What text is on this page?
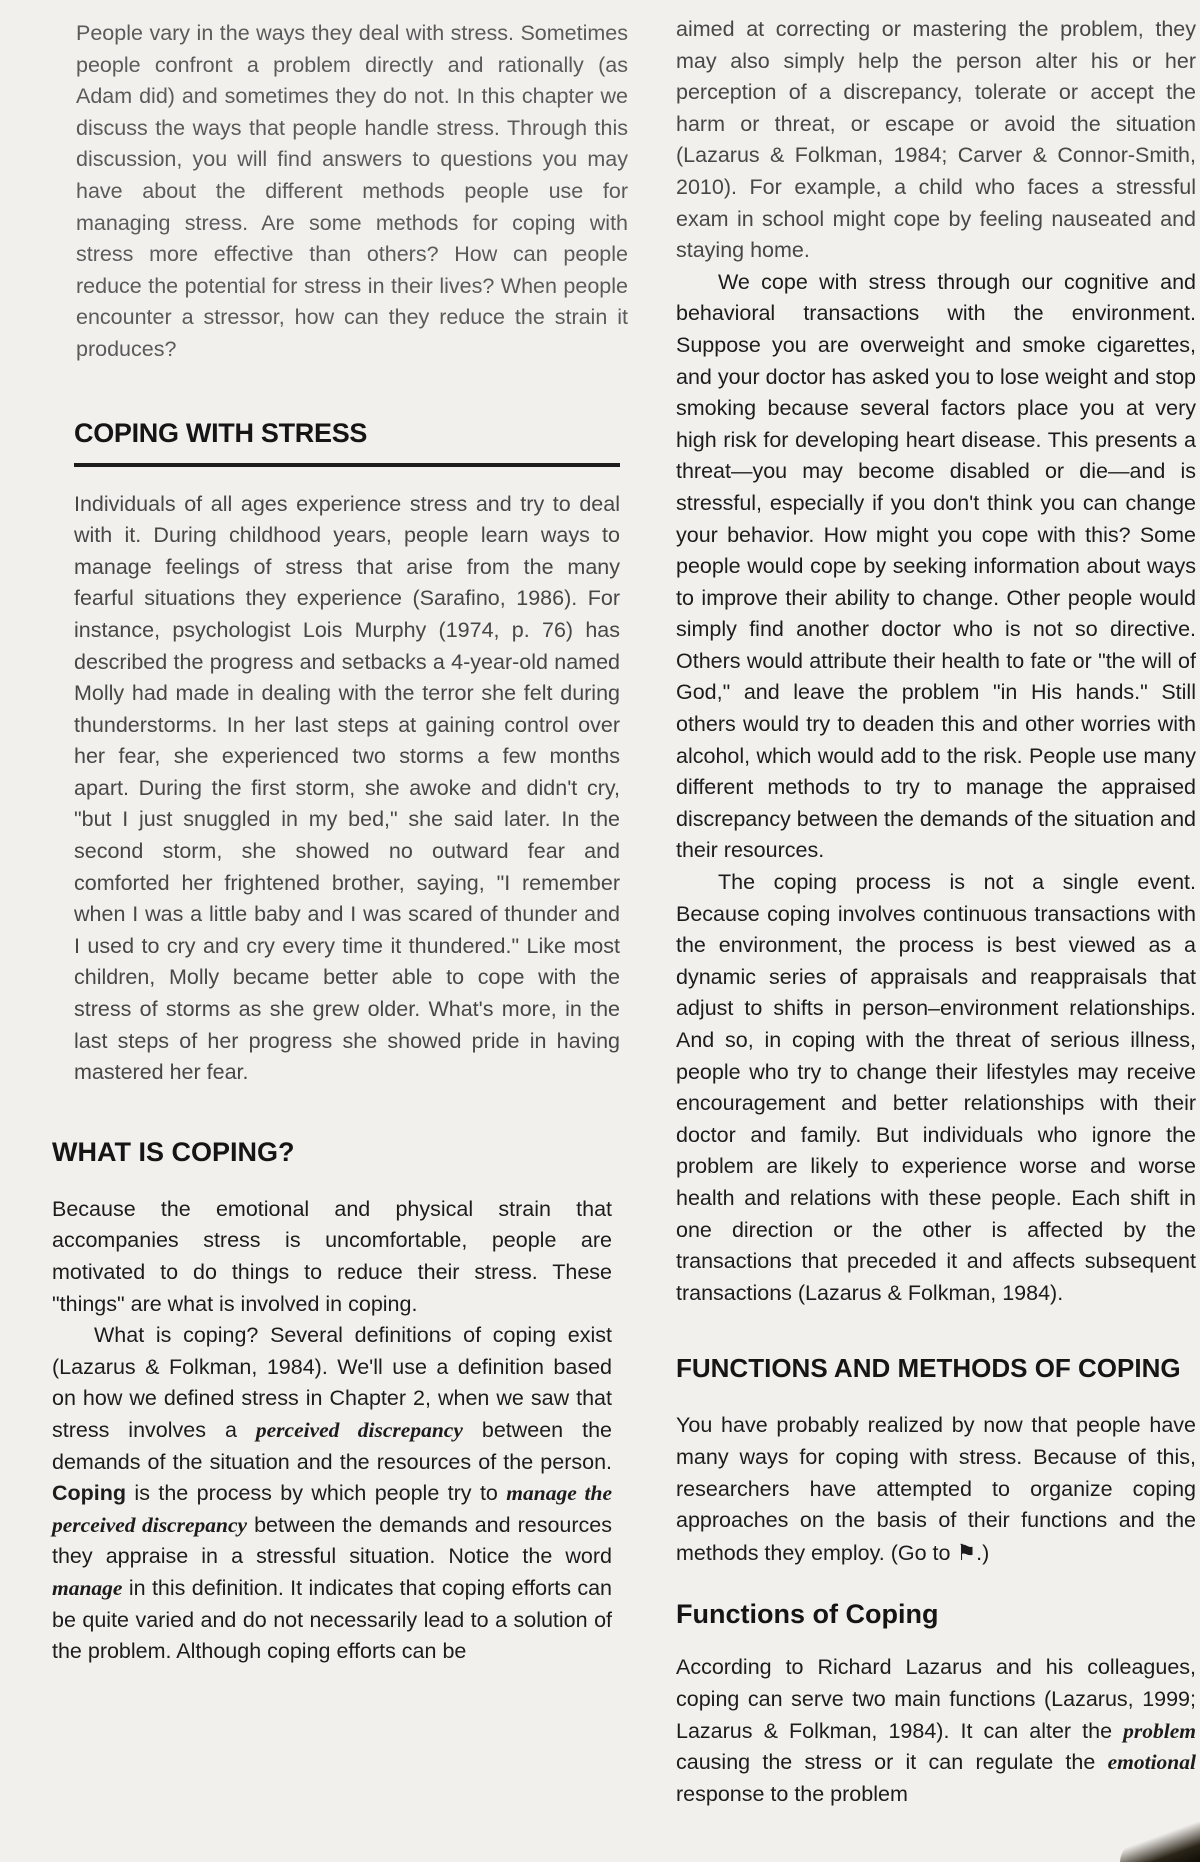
People vary in the ways they deal with stress. Sometimes people confront a problem directly and rationally (as Adam did) and sometimes they do not. In this chapter we discuss the ways that people handle stress. Through this discussion, you will find answers to questions you may have about the different methods people use for managing stress. Are some methods for coping with stress more effective than others? How can people reduce the potential for stress in their lives? When people encounter a stressor, how can they reduce the strain it produces?

COPING WITH STRESS

Individuals of all ages experience stress and try to deal with it. During childhood years, people learn ways to manage feelings of stress that arise from the many fearful situations they experience (Sarafino, 1986). For instance, psychologist Lois Murphy (1974, p. 76) has described the progress and setbacks a 4-year-old named Molly had made in dealing with the terror she felt during thunderstorms. In her last steps at gaining control over her fear, she experienced two storms a few months apart. During the first storm, she awoke and didn't cry, "but I just snuggled in my bed," she said later. In the second storm, she showed no outward fear and comforted her frightened brother, saying, "I remember when I was a little baby and I was scared of thunder and I used to cry and cry every time it thundered." Like most children, Molly became better able to cope with the stress of storms as she grew older. What's more, in the last steps of her progress she showed pride in having mastered her fear.

WHAT IS COPING?

Because the emotional and physical strain that accompanies stress is uncomfortable, people are motivated to do things to reduce their stress. These "things" are what is involved in coping.

What is coping? Several definitions of coping exist (Lazarus & Folkman, 1984). We'll use a definition based on how we defined stress in Chapter 2, when we saw that stress involves a perceived discrepancy between the demands of the situation and the resources of the person. Coping is the process by which people try to manage the perceived discrepancy between the demands and resources they appraise in a stressful situation. Notice the word manage in this definition. It indicates that coping efforts can be quite varied and do not necessarily lead to a solution of the problem. Although coping efforts can be

aimed at correcting or mastering the problem, they may also simply help the person alter his or her perception of a discrepancy, tolerate or accept the harm or threat, or escape or avoid the situation (Lazarus & Folkman, 1984; Carver & Connor-Smith, 2010). For example, a child who faces a stressful exam in school might cope by feeling nauseated and staying home.

We cope with stress through our cognitive and behavioral transactions with the environment. Suppose you are overweight and smoke cigarettes, and your doctor has asked you to lose weight and stop smoking because several factors place you at very high risk for developing heart disease. This presents a threat—you may become disabled or die—and is stressful, especially if you don't think you can change your behavior. How might you cope with this? Some people would cope by seeking information about ways to improve their ability to change. Other people would simply find another doctor who is not so directive. Others would attribute their health to fate or "the will of God," and leave the problem "in His hands." Still others would try to deaden this and other worries with alcohol, which would add to the risk. People use many different methods to try to manage the appraised discrepancy between the demands of the situation and their resources.

The coping process is not a single event. Because coping involves continuous transactions with the environment, the process is best viewed as a dynamic series of appraisals and reappraisals that adjust to shifts in person–environment relationships. And so, in coping with the threat of serious illness, people who try to change their lifestyles may receive encouragement and better relationships with their doctor and family. But individuals who ignore the problem are likely to experience worse and worse health and relations with these people. Each shift in one direction or the other is affected by the transactions that preceded it and affects subsequent transactions (Lazarus & Folkman, 1984).

FUNCTIONS AND METHODS OF COPING

You have probably realized by now that people have many ways for coping with stress. Because of this, researchers have attempted to organize coping approaches on the basis of their functions and the methods they employ. (Go to ⚑.)

Functions of Coping

According to Richard Lazarus and his colleagues, coping can serve two main functions (Lazarus, 1999; Lazarus & Folkman, 1984). It can alter the problem causing the stress or it can regulate the emotional response to the problem
